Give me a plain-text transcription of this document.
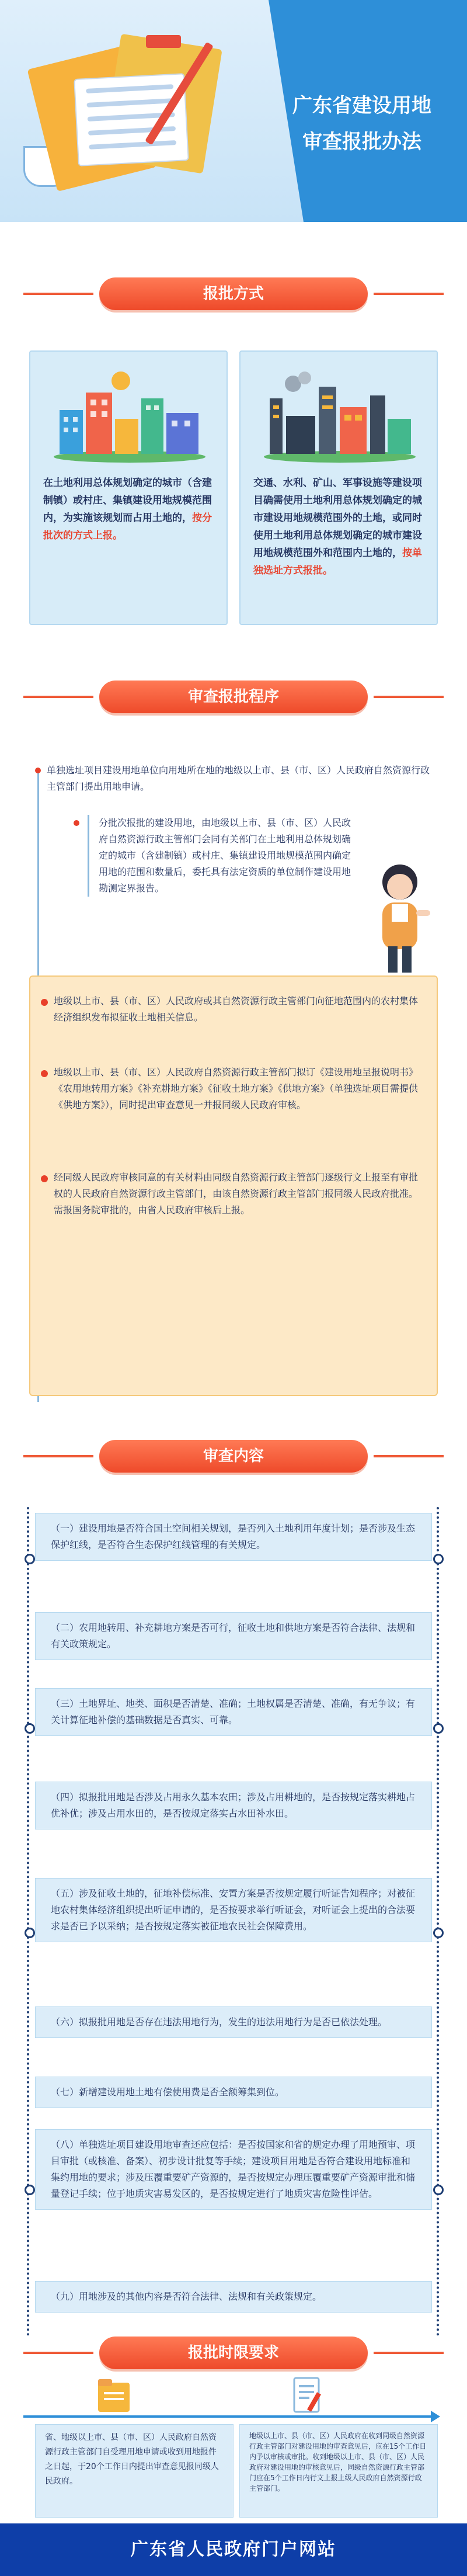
广东省建设用地
审查报批办法
报批方式
在土地利用总体规划确定的城市（含建制镇）或村庄、集镇建设用地规模范围内，为实施该规划而占用土地的，按分批次的方式上报。
交通、水利、矿山、军事设施等建设项目确需使用土地利用总体规划确定的城市建设用地规模范围外的土地，或同时使用土地利用总体规划确定的城市建设用地规模范围外和范围内土地的，按单独选址方式报批。
审查报批程序
单独选址项目建设用地单位向用地所在地的地级以上市、县（市、区）人民政府自然资源行政主管部门提出用地申请。
分批次报批的建设用地，由地级以上市、县（市、区）人民政府自然资源行政主管部门会同有关部门在土地利用总体规划确定的城市（含建制镇）或村庄、集镇建设用地规模范围内确定用地的范围和数量后，委托具有法定资质的单位制作建设用地勘测定界报告。
地级以上市、县（市、区）人民政府或其自然资源行政主管部门向征地范围内的农村集体经济组织发布拟征收土地相关信息。
地级以上市、县（市、区）人民政府自然资源行政主管部门拟订《建设用地呈报说明书》《农用地转用方案》《补充耕地方案》《征收土地方案》《供地方案》（单独选址项目需提供《供地方案》），同时提出审查意见一并报同级人民政府审核。
经同级人民政府审核同意的有关材料由同级自然资源行政主管部门逐级行文上报至有审批权的人民政府自然资源行政主管部门，由该自然资源行政主管部门报同级人民政府批准。需报国务院审批的，由省人民政府审核后上报。
审查内容
（一）建设用地是否符合国土空间相关规划，是否列入土地利用年度计划；是否涉及生态保护红线，是否符合生态保护红线管理的有关规定。
（二）农用地转用、补充耕地方案是否可行，征收土地和供地方案是否符合法律、法规和有关政策规定。
（三）土地界址、地类、面积是否清楚、准确；土地权属是否清楚、准确，有无争议；有关计算征地补偿的基础数据是否真实、可靠。
（四）拟报批用地是否涉及占用永久基本农田；涉及占用耕地的，是否按规定落实耕地占优补优；涉及占用水田的，是否按规定落实占水田补水田。
（五）涉及征收土地的，征地补偿标准、安置方案是否按规定履行听证告知程序；对被征地农村集体经济组织提出听证申请的，是否按要求举行听证会，对听证会上提出的合法要求是否已予以采纳；是否按规定落实被征地农民社会保障费用。
（六）拟报批用地是否存在违法用地行为，发生的违法用地行为是否已依法处理。
（七）新增建设用地土地有偿使用费是否全额筹集到位。
（八）单独选址项目建设用地审查还应包括：是否按国家和省的规定办理了用地预审、项目审批（或核准、备案）、初步设计批复等手续；建设项目用地是否符合建设用地标准和集约用地的要求；涉及压覆重要矿产资源的，是否按规定办理压覆重要矿产资源审批和储量登记手续；位于地质灾害易发区的，是否按规定进行了地质灾害危险性评估。
（九）用地涉及的其他内容是否符合法律、法规和有关政策规定。
报批时限要求
省、地级以上市、县（市、区）人民政府自然资源行政主管部门自受理用地申请或收到用地报件之日起，于20个工作日内提出审查意见报同级人民政府。
地级以上市、县（市、区）人民政府在收到同级自然资源行政主管部门对建设用地的审查意见后，应在15个工作日内予以审核或审批。收到地级以上市、县（市、区）人民政府对建设用地的审核意见后，同级自然资源行政主管部门应在5个工作日内行文上报上级人民政府自然资源行政主管部门。
广东省人民政府门户网站
